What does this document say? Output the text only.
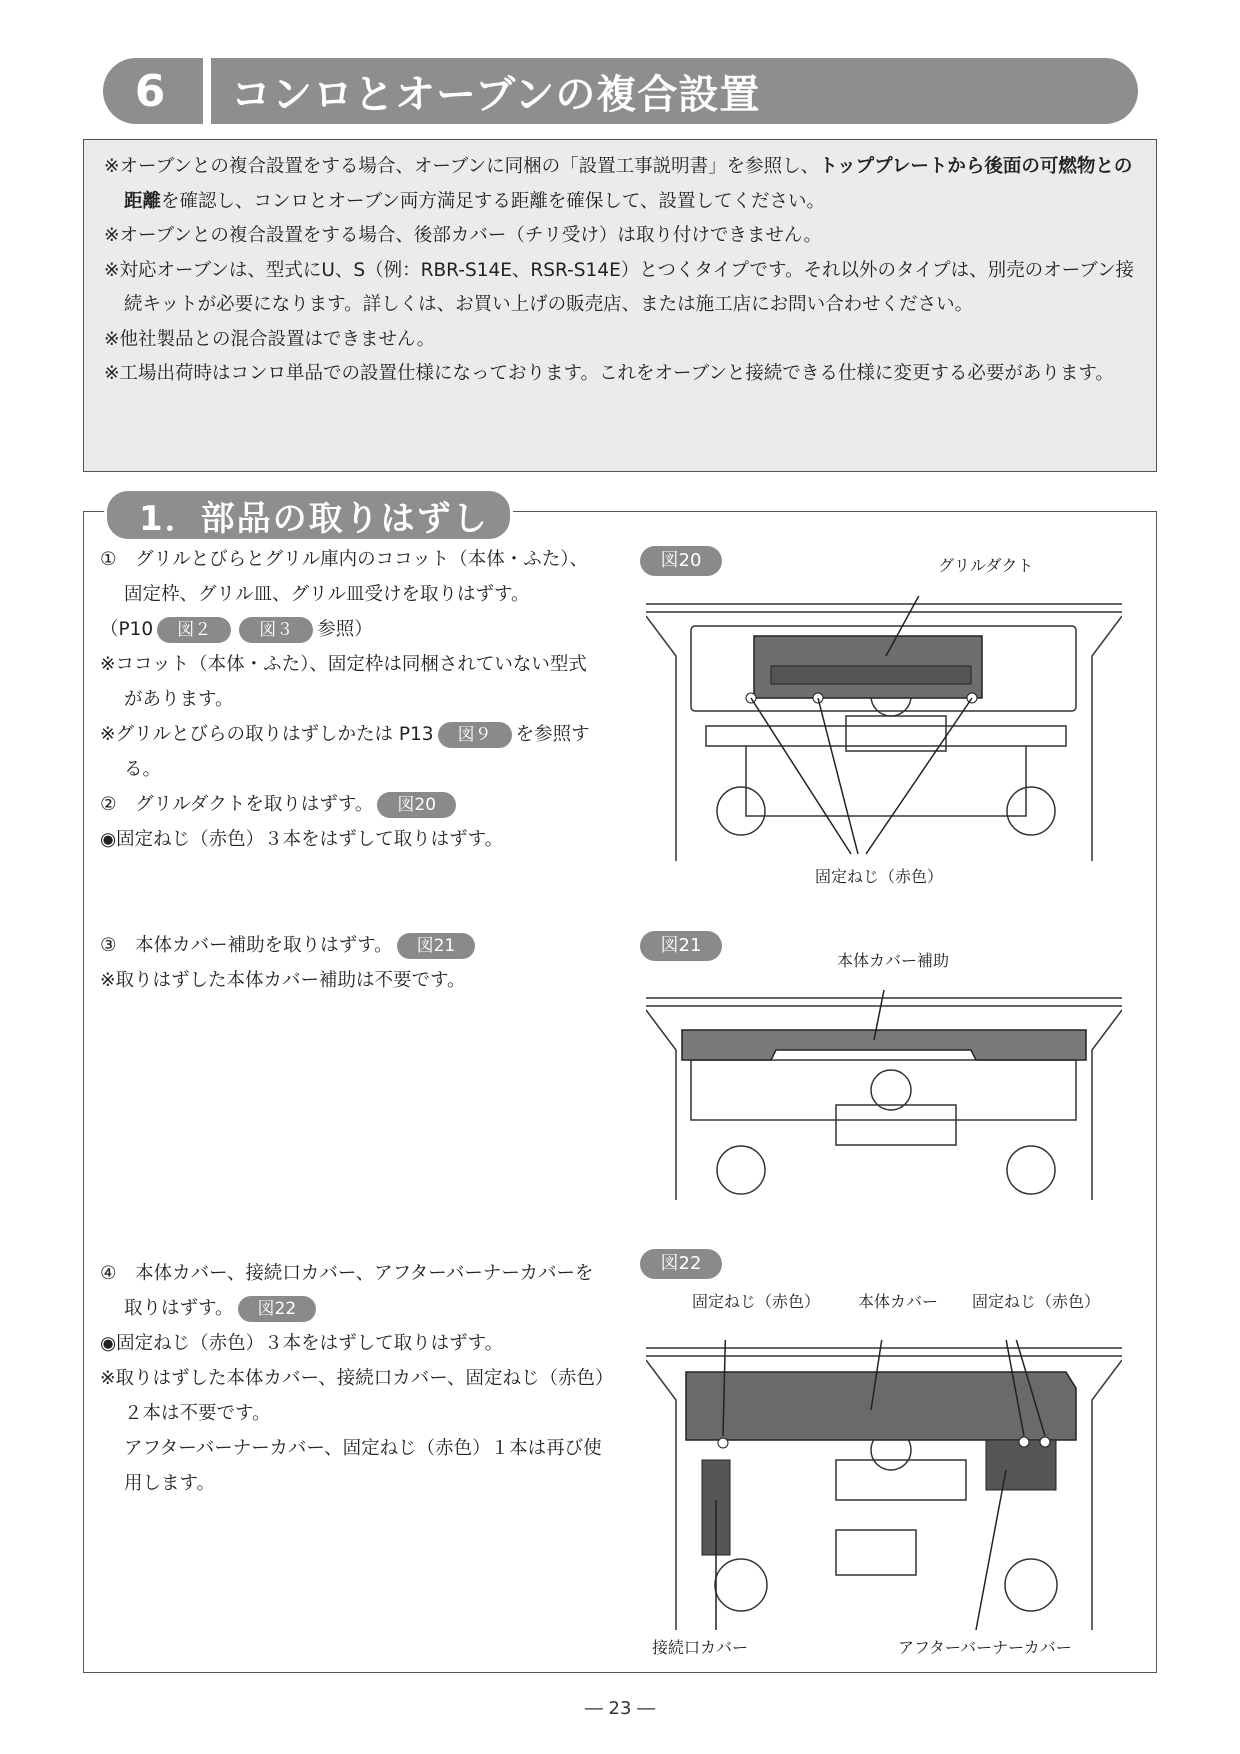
6	コンロとオーブンの複合設置
※オーブンとの複合設置をする場合、オーブンに同梱の「設置工事説明書」を参照し、トッププレートから後面の可燃物との距離を確認し、コンロとオーブン両方満足する距離を確保して、設置してください。
※オーブンとの複合設置をする場合、後部カバー（チリ受け）は取り付けできません。
※対応オーブンは、型式にU、S（例：RBR-S14E、RSR-S14E）とつくタイプです。それ以外のタイプは、別売のオーブン接続キットが必要になります。詳しくは、お買い上げの販売店、または施工店にお問い合わせください。
※他社製品との混合設置はできません。
※工場出荷時はコンロ単品での設置仕様になっております。これをオーブンと接続できる仕様に変更する必要があります。
1．部品の取りはずし
①　グリルとびらとグリル庫内のココット（本体・ふた）、固定枠、グリル皿、グリル皿受けを取りはずす。
（P10 図２	図３ 参照）
※ココット（本体・ふた）、固定枠は同梱されていない型式があります。
※グリルとびらの取りはずしかたは P13 図９ を参照する。
②　グリルダクトを取りはずす。 図20
◉固定ねじ（赤色）３本をはずして取りはずす。
③　本体カバー補助を取りはずす。 図21
※取りはずした本体カバー補助は不要です。
④　本体カバー、接続口カバー、アフターバーナーカバーを取りはずす。 図22
◉固定ねじ（赤色）３本をはずして取りはずす。
※取りはずした本体カバー、接続口カバー、固定ねじ（赤色）２本は不要です。
アフターバーナーカバー、固定ねじ（赤色）１本は再び使用します。
図20	グリルダクト
固定ねじ（赤色）
図21
本体カバー補助
図22
固定ねじ（赤色） 本体カバー 固定ねじ（赤色）
接続口カバー	アフターバーナーカバー
― 23 ―
